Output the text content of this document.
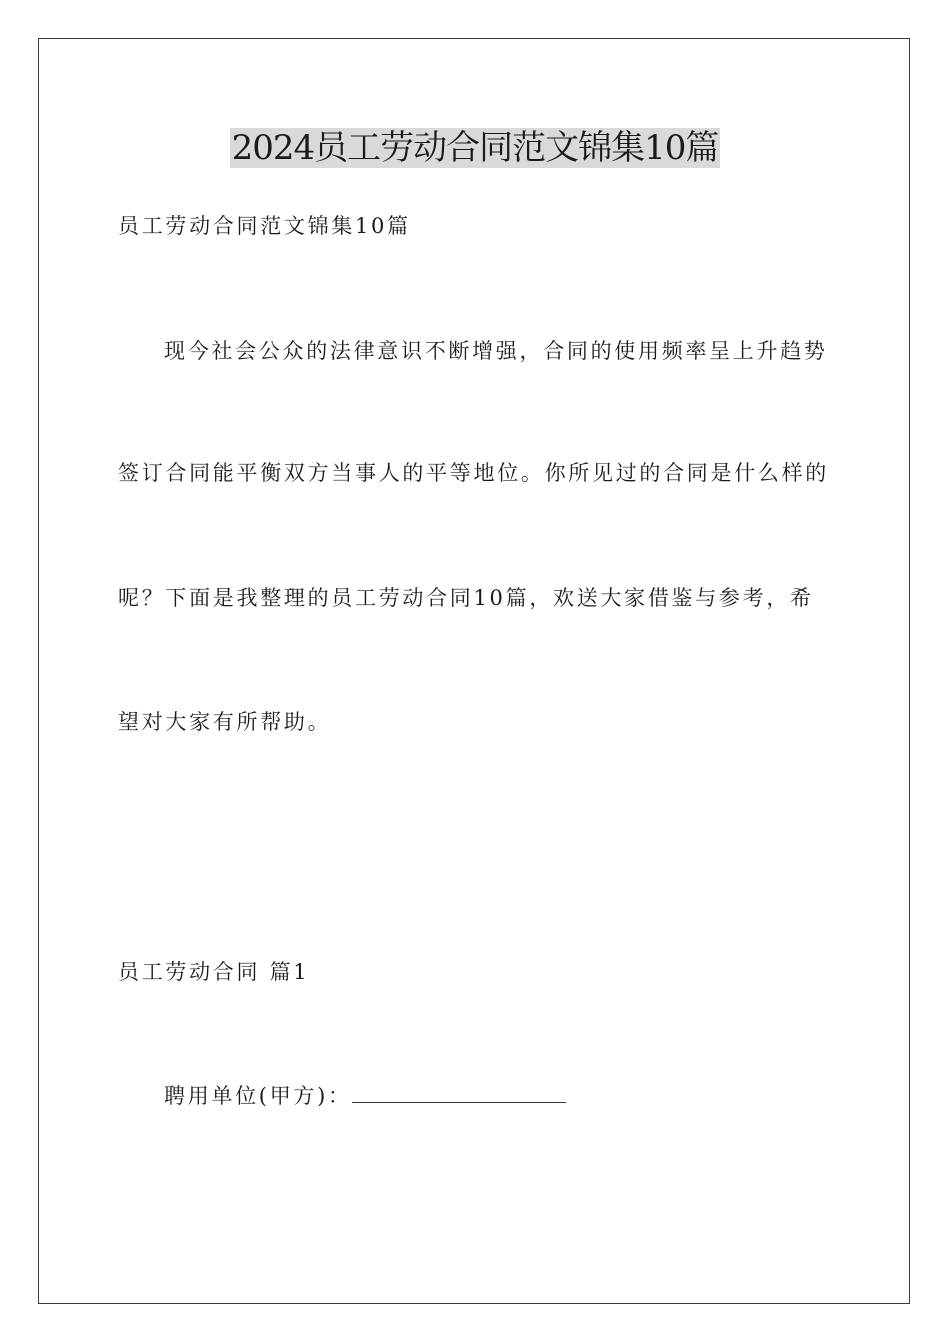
2024员工劳动合同范文锦集10篇
员工劳动合同范文锦集10篇
现今社会公众的法律意识不断增强，合同的使用频率呈上升趋势
签订合同能平衡双方当事人的平等地位。你所见过的合同是什么样的
呢？下面是我整理的员工劳动合同10篇，欢送大家借鉴与参考，希
望对大家有所帮助。
员工劳动合同 篇1
聘用单位(甲方)：
